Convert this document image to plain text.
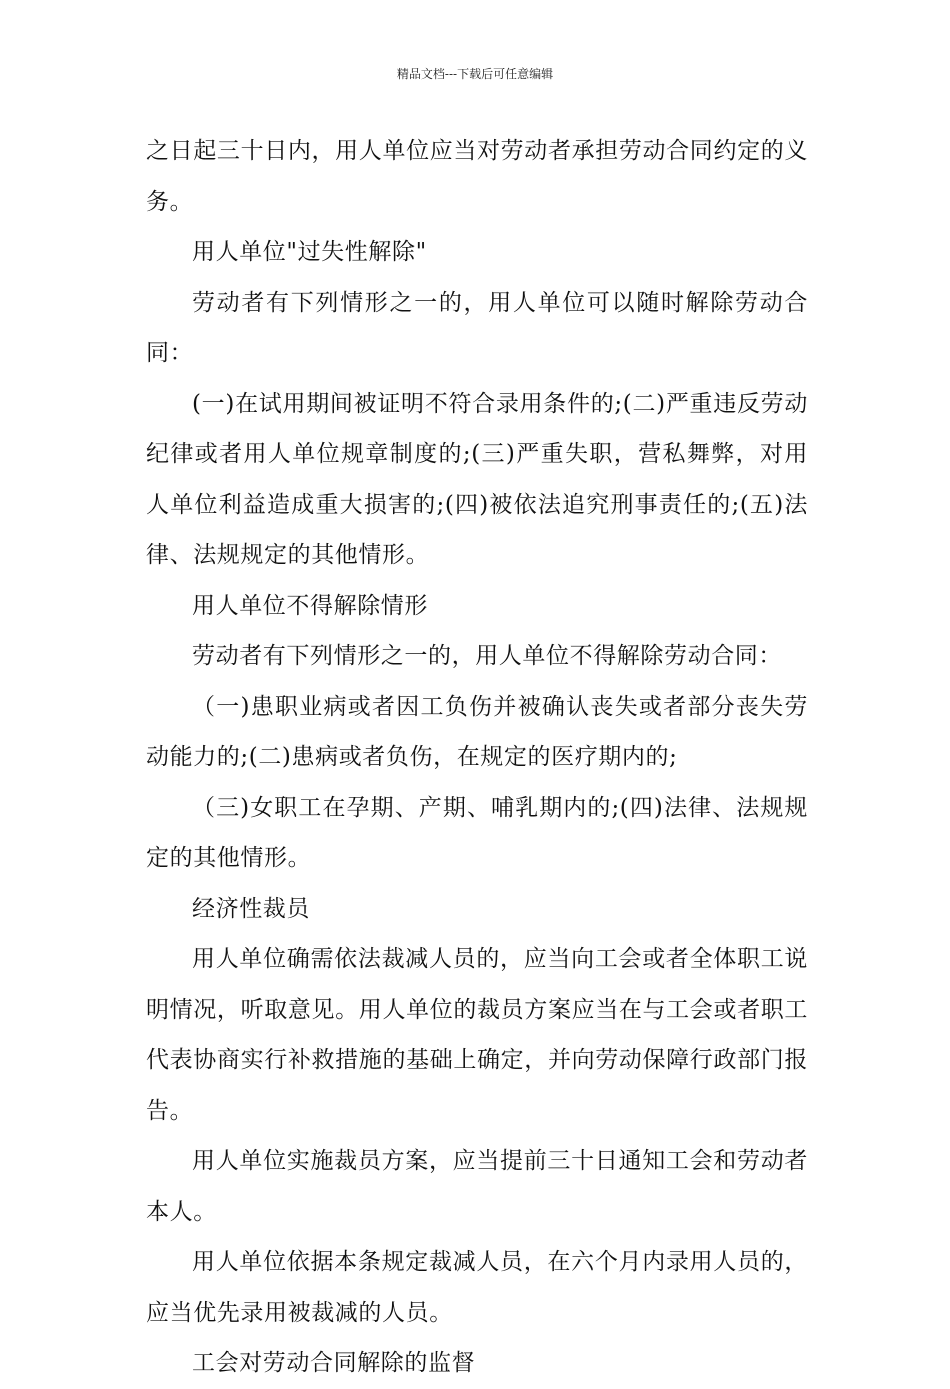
精品文档---下载后可任意编辑

之日起三十日内，用人单位应当对劳动者承担劳动合同约定的义务。

用人单位"过失性解除"

劳动者有下列情形之一的，用人单位可以随时解除劳动合同：

(一)在试用期间被证明不符合录用条件的;(二)严重违反劳动纪律或者用人单位规章制度的;(三)严重失职，营私舞弊，对用人单位利益造成重大损害的;(四)被依法追究刑事责任的;(五)法律、法规规定的其他情形。

用人单位不得解除情形

劳动者有下列情形之一的，用人单位不得解除劳动合同：

（一)患职业病或者因工负伤并被确认丧失或者部分丧失劳动能力的;(二)患病或者负伤，在规定的医疗期内的;

（三)女职工在孕期、产期、哺乳期内的;(四)法律、法规规定的其他情形。

经济性裁员

用人单位确需依法裁减人员的，应当向工会或者全体职工说明情况，听取意见。用人单位的裁员方案应当在与工会或者职工代表协商实行补救措施的基础上确定，并向劳动保障行政部门报告。

用人单位实施裁员方案，应当提前三十日通知工会和劳动者本人。

用人单位依据本条规定裁减人员，在六个月内录用人员的，应当优先录用被裁减的人员。

工会对劳动合同解除的监督
